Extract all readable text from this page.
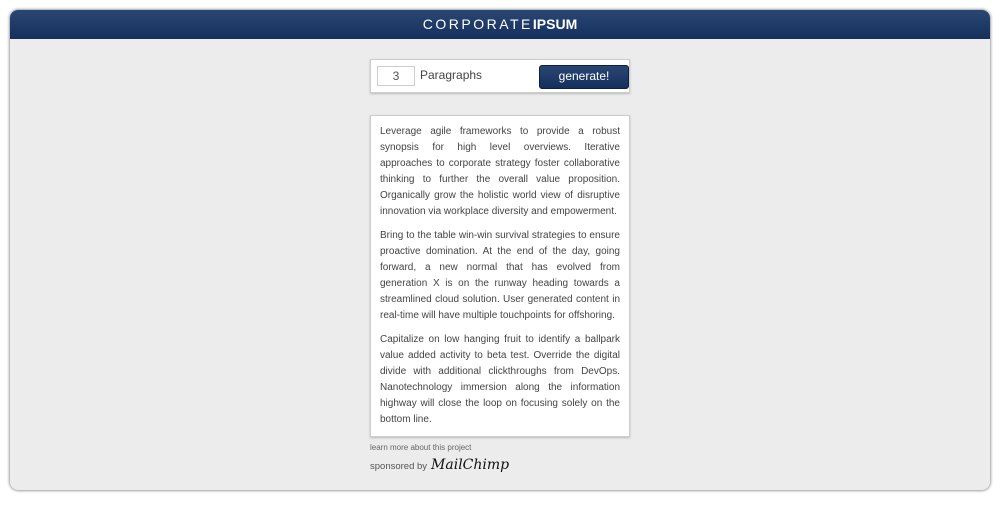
CORPORATEIPSUM
3	Paragraphs	generate!

Leverage agile frameworks to provide a robust synopsis for high level overviews. Iterative approaches to corporate strategy foster collaborative thinking to further the overall value proposition. Organically grow the holistic world view of disruptive innovation via workplace diversity and empowerment.

Bring to the table win-win survival strategies to ensure proactive domination. At the end of the day, going forward, a new normal that has evolved from generation X is on the runway heading towards a streamlined cloud solution. User generated content in real-time will have multiple touchpoints for offshoring.

Capitalize on low hanging fruit to identify a ballpark value added activity to beta test. Override the digital divide with additional clickthroughs from DevOps. Nanotechnology immersion along the information highway will close the loop on focusing solely on the bottom line.

learn more about this project
sponsored by MailChimp
